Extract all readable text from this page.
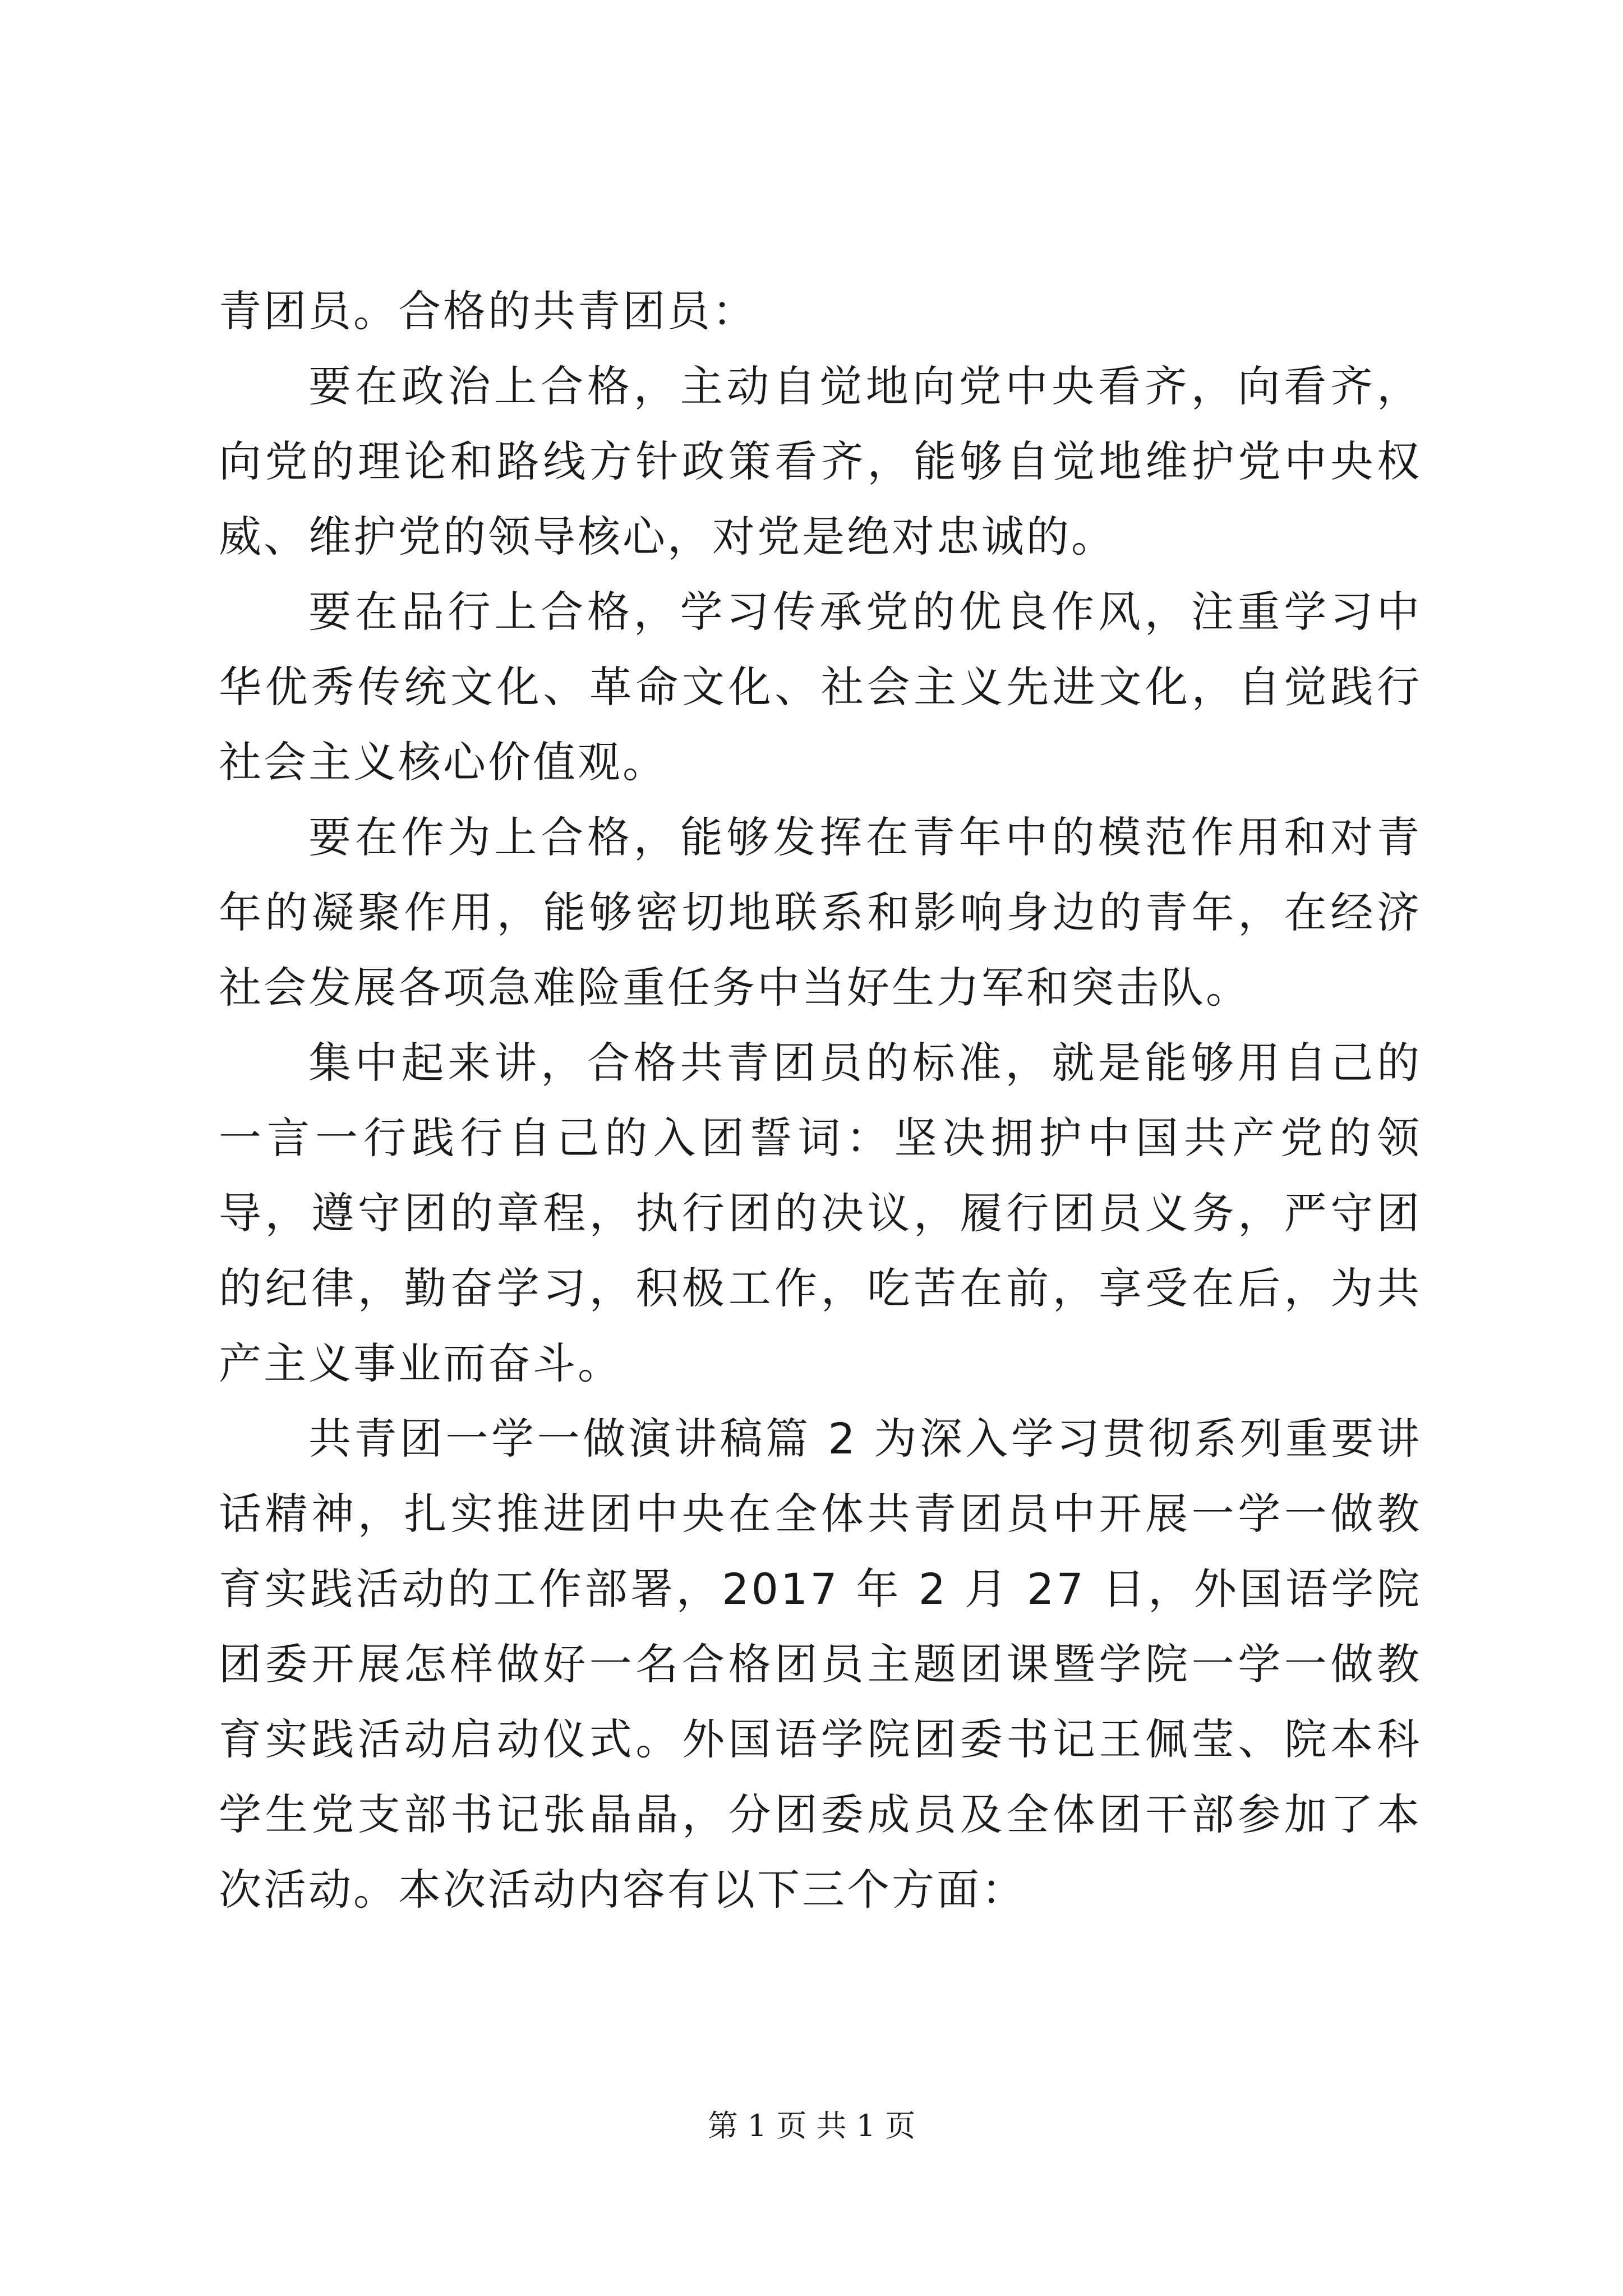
青团员。合格的共青团员：

要在政治上合格，主动自觉地向党中央看齐，向看齐，向党的理论和路线方针政策看齐，能够自觉地维护党中央权威、维护党的领导核心，对党是绝对忠诚的。

要在品行上合格，学习传承党的优良作风，注重学习中华优秀传统文化、革命文化、社会主义先进文化，自觉践行社会主义核心价值观。

要在作为上合格，能够发挥在青年中的模范作用和对青年的凝聚作用，能够密切地联系和影响身边的青年，在经济社会发展各项急难险重任务中当好生力军和突击队。

集中起来讲，合格共青团员的标准，就是能够用自己的一言一行践行自己的入团誓词：坚决拥护中国共产党的领导，遵守团的章程，执行团的决议，履行团员义务，严守团的纪律，勤奋学习，积极工作，吃苦在前，享受在后，为共产主义事业而奋斗。

共青团一学一做演讲稿篇 2 为深入学习贯彻系列重要讲话精神，扎实推进团中央在全体共青团员中开展一学一做教育实践活动的工作部署，2017 年 2 月 27 日，外国语学院团委开展怎样做好一名合格团员主题团课暨学院一学一做教育实践活动启动仪式。外国语学院团委书记王佩莹、院本科学生党支部书记张晶晶，分团委成员及全体团干部参加了本次活动。本次活动内容有以下三个方面：

第 1 页 共 1 页
